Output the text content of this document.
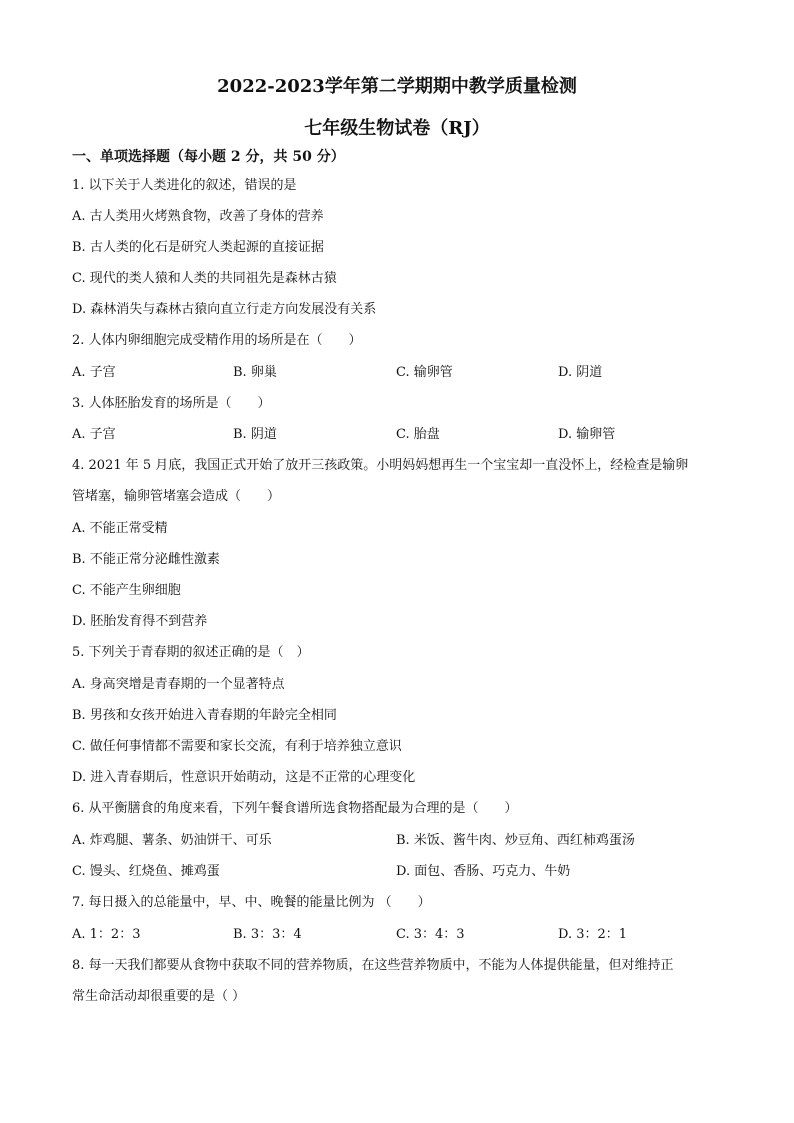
2022-2023学年第二学期期中教学质量检测
七年级生物试卷（RJ）
一、单项选择题（每小题 2 分，共 50 分）
1. 以下关于人类进化的叙述，错误的是
A. 古人类用火烤熟食物，改善了身体的营养
B. 古人类的化石是研究人类起源的直接证据
C. 现代的类人猿和人类的共同祖先是森林古猿
D. 森林消失与森林古猿向直立行走方向发展没有关系
2. 人体内卵细胞完成受精作用的场所是在（　　）
A. 子宫	B. 卵巢	C. 输卵管	D. 阴道
3. 人体胚胎发育的场所是（　　）
A. 子宫	B. 阴道	C. 胎盘	D. 输卵管
4. 2021 年 5 月底，我国正式开始了放开三孩政策。小明妈妈想再生一个宝宝却一直没怀上，经检查是输卵
管堵塞，输卵管堵塞会造成（　　）
A. 不能正常受精
B. 不能正常分泌雌性激素
C. 不能产生卵细胞
D. 胚胎发育得不到营养
5. 下列关于青春期的叙述正确的是（　）
A. 身高突增是青春期的一个显著特点
B. 男孩和女孩开始进入青春期的年龄完全相同
C. 做任何事情都不需要和家长交流，有利于培养独立意识
D. 进入青春期后，性意识开始萌动，这是不正常的心理变化
6. 从平衡膳食的角度来看，下列午餐食谱所选食物搭配最为合理的是（　　）
A. 炸鸡腿、薯条、奶油饼干、可乐	B. 米饭、酱牛肉、炒豆角、西红柿鸡蛋汤
C. 馒头、红烧鱼、摊鸡蛋	D. 面包、香肠、巧克力、牛奶
7. 每日摄入的总能量中，早、中、晚餐的能量比例为 （　　）
A. 1：2：3	B. 3：3：4	C. 3：4：3	D. 3：2：1
8. 每一天我们都要从食物中获取不同的营养物质，在这些营养物质中，不能为人体提供能量，但对维持正
常生命活动却很重要的是（ ）
